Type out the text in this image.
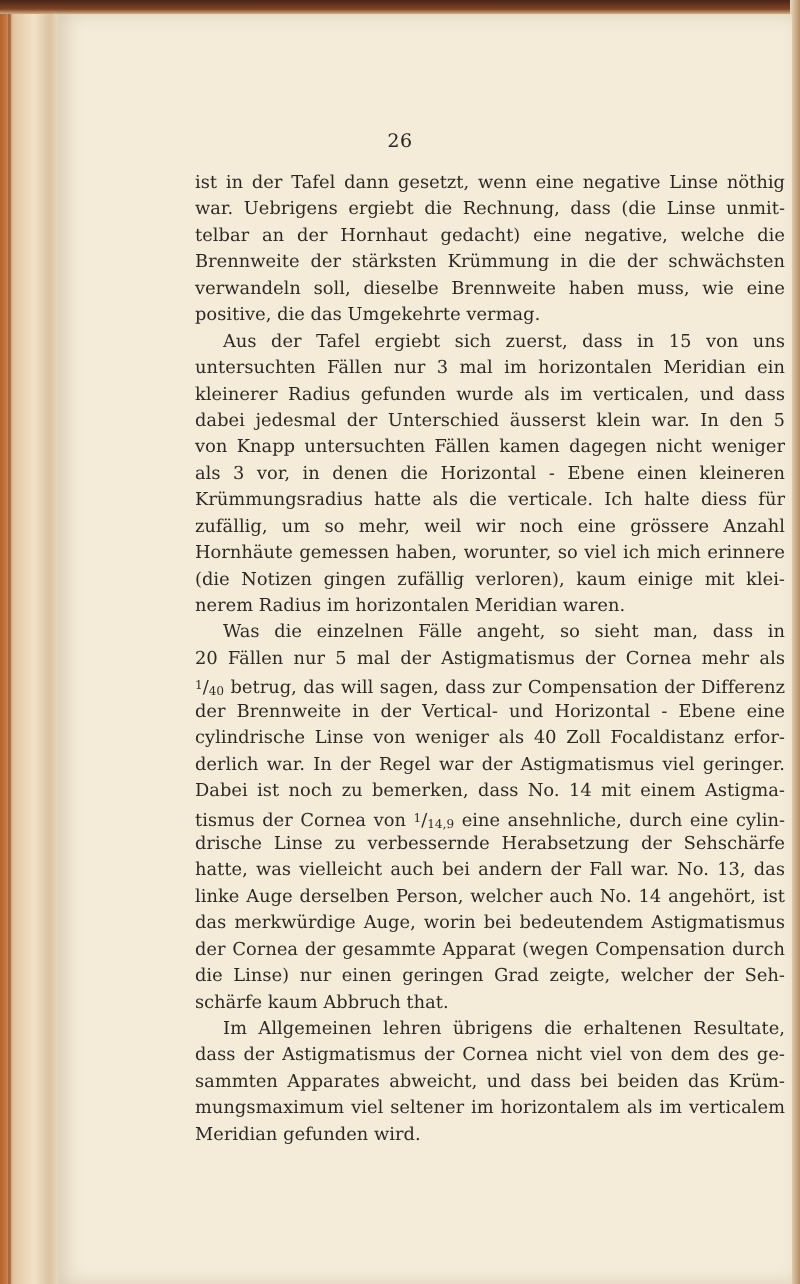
26
ist in der Tafel dann gesetzt, wenn eine negative Linse nöthig
war. Uebrigens ergiebt die Rechnung, dass (die Linse unmit-
telbar an der Hornhaut gedacht) eine negative, welche die
Brennweite der stärksten Krümmung in die der schwächsten
verwandeln soll, dieselbe Brennweite haben muss, wie eine
positive, die das Umgekehrte vermag.
Aus der Tafel ergiebt sich zuerst, dass in 15 von uns
untersuchten Fällen nur 3 mal im horizontalen Meridian ein
kleinerer Radius gefunden wurde als im verticalen, und dass
dabei jedesmal der Unterschied äusserst klein war. In den 5
von Knapp untersuchten Fällen kamen dagegen nicht weniger
als 3 vor, in denen die Horizontal - Ebene einen kleineren
Krümmungsradius hatte als die verticale. Ich halte diess für
zufällig, um so mehr, weil wir noch eine grössere Anzahl
Hornhäute gemessen haben, worunter, so viel ich mich erinnere
(die Notizen gingen zufällig verloren), kaum einige mit klei-
nerem Radius im horizontalen Meridian waren.
Was die einzelnen Fälle angeht, so sieht man, dass in
20 Fällen nur 5 mal der Astigmatismus der Cornea mehr als
$^1$/40 betrug, das will sagen, dass zur Compensation der Differenz
der Brennweite in der Vertical- und Horizontal - Ebene eine
cylindrische Linse von weniger als 40 Zoll Focaldistanz erfor-
derlich war. In der Regel war der Astigmatismus viel geringer.
Dabei ist noch zu bemerken, dass No. 14 mit einem Astigma-
tismus der Cornea von $^1$/14,9 eine ansehnliche, durch eine cylin-
drische Linse zu verbessernde Herabsetzung der Sehschärfe
hatte, was vielleicht auch bei andern der Fall war. No. 13, das
linke Auge derselben Person, welcher auch No. 14 angehört, ist
das merkwürdige Auge, worin bei bedeutendem Astigmatismus
der Cornea der gesammte Apparat (wegen Compensation durch
die Linse) nur einen geringen Grad zeigte, welcher der Seh-
schärfe kaum Abbruch that.
Im Allgemeinen lehren übrigens die erhaltenen Resultate,
dass der Astigmatismus der Cornea nicht viel von dem des ge-
sammten Apparates abweicht, und dass bei beiden das Krüm-
mungsmaximum viel seltener im horizontalem als im verticalem
Meridian gefunden wird.
